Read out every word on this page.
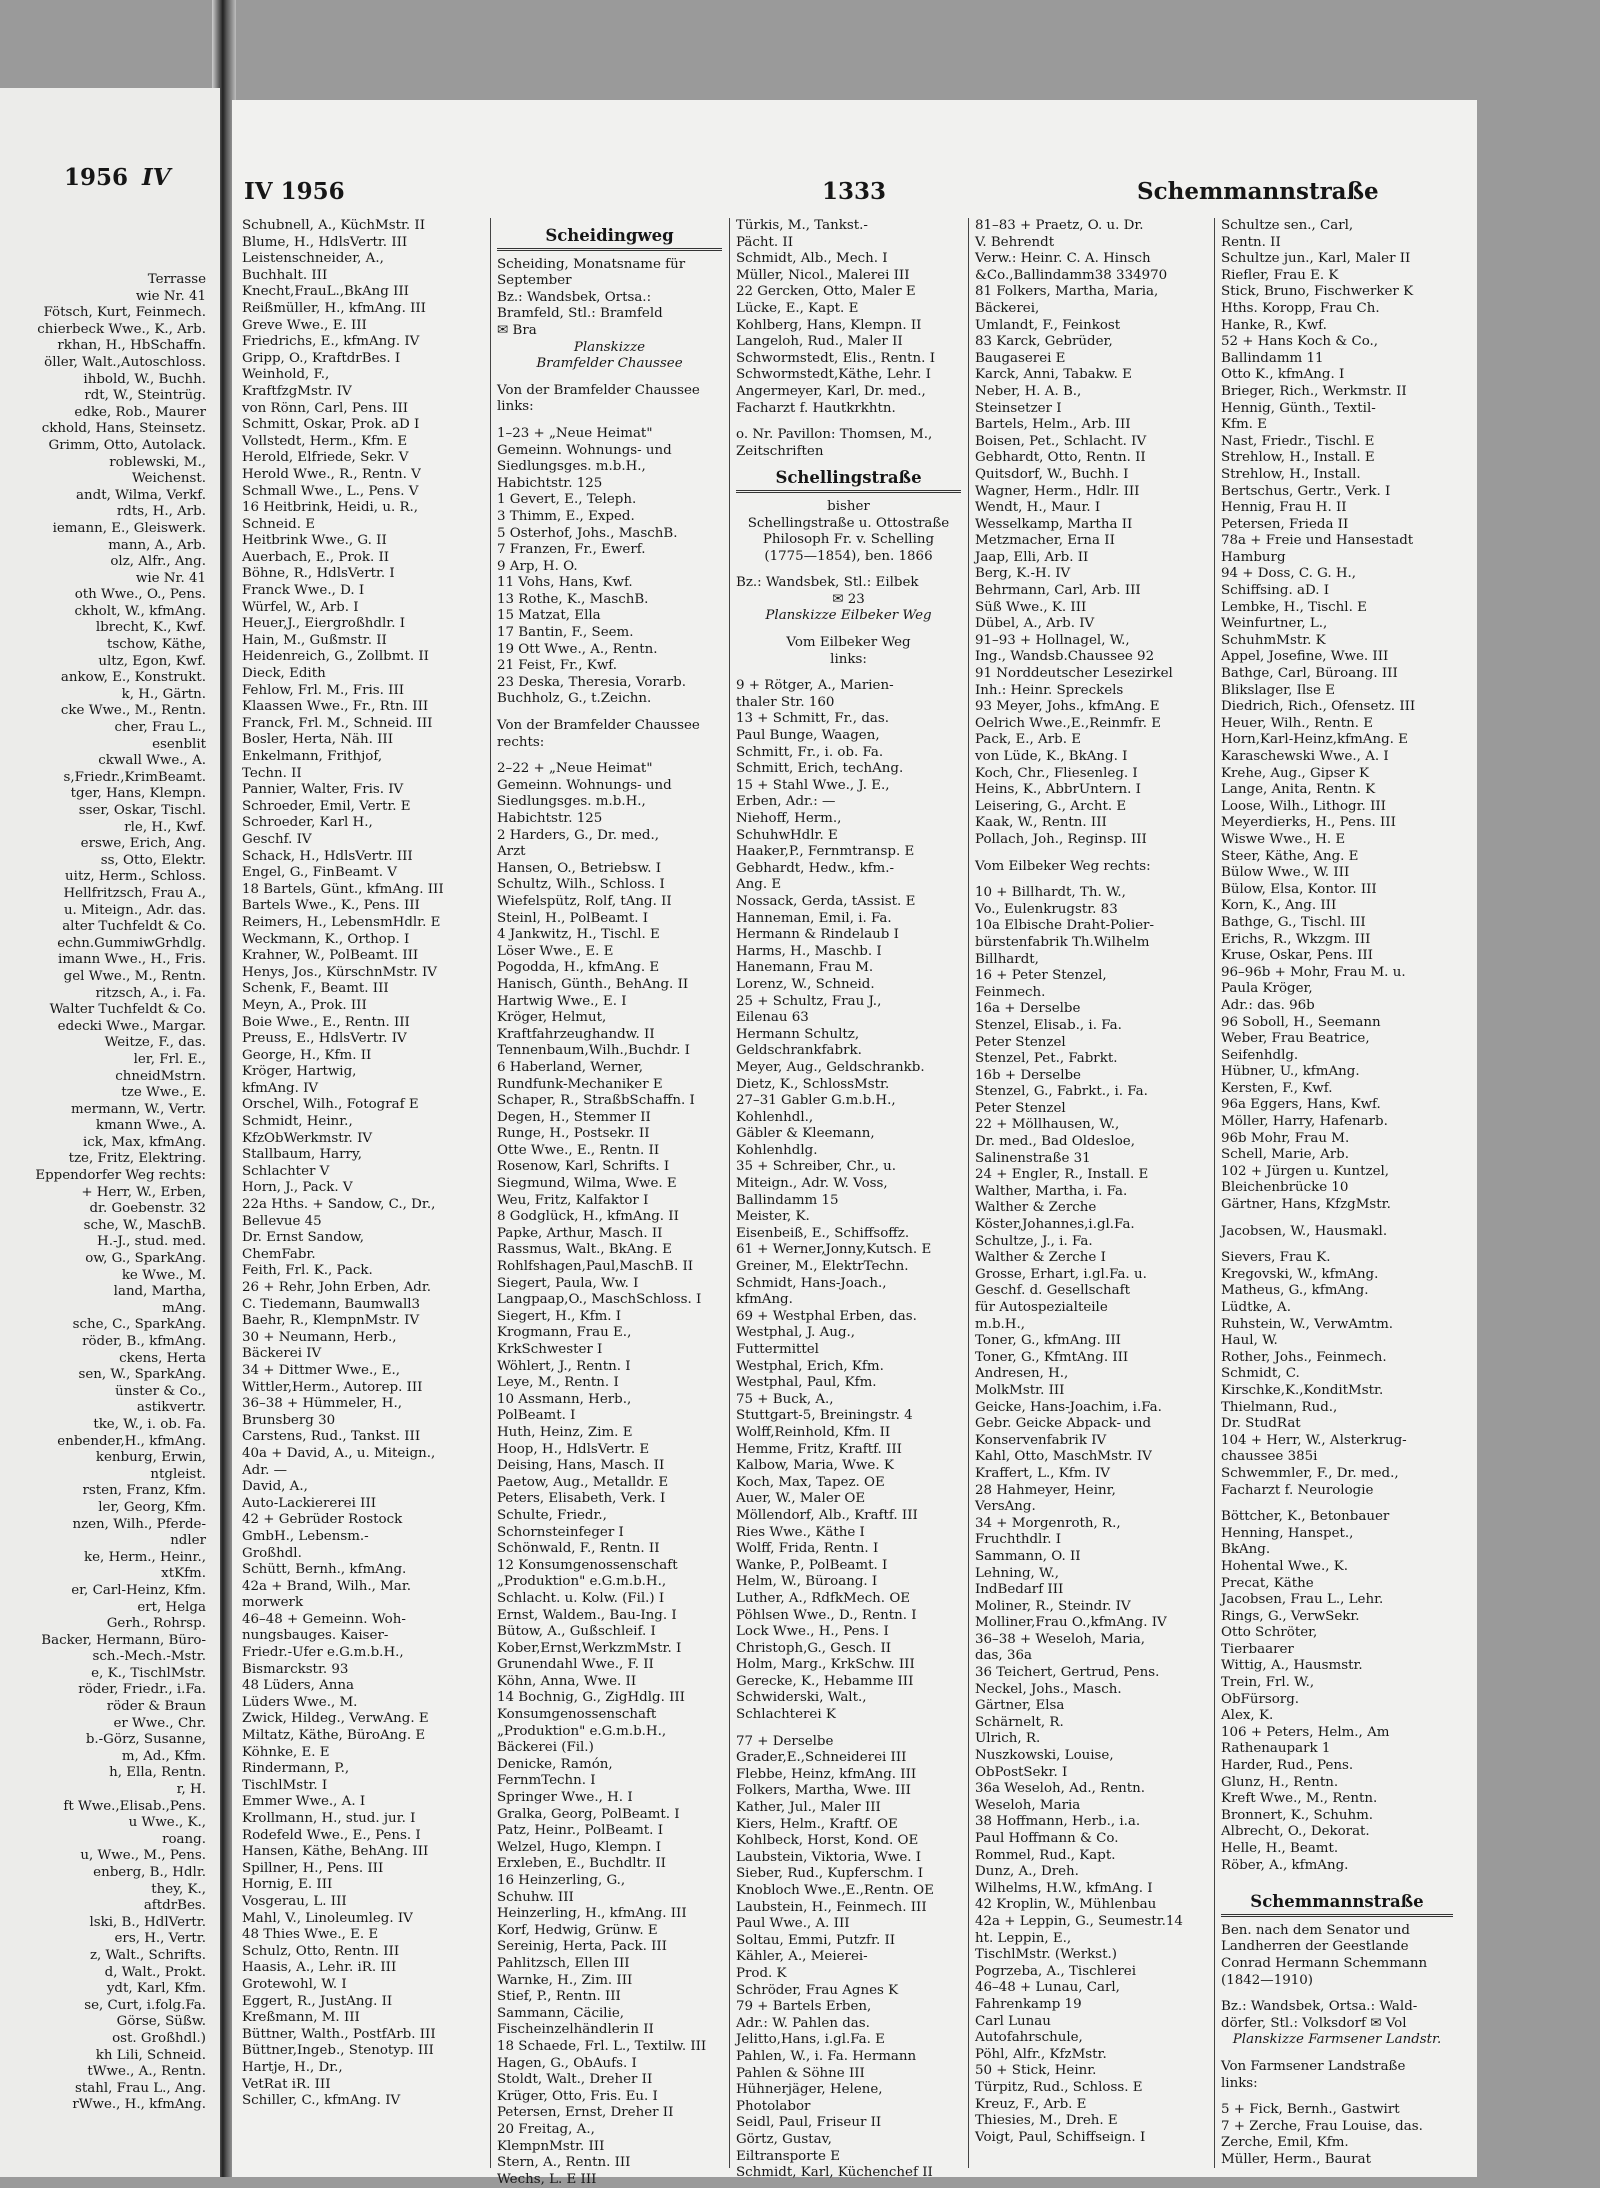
1956 IV
Terrasse
wie Nr. 41
Fötsch, Kurt, Feinmech.
chierbeck Wwe., K., Arb.
rkhan, H., HbSchaffn.
öller, Walt.,Autoschloss.
ihbold, W., Buchh.
rdt, W., Steintrüg.
edke, Rob., Maurer
ckhold, Hans, Steinsetz.
Grimm, Otto, Autolack.
roblewski, M.,
Weichenst.
andt, Wilma, Verkf.
rdts, H., Arb.
iemann, E., Gleiswerk.
mann, A., Arb.
olz, Alfr., Ang.
wie Nr. 41
oth Wwe., O., Pens.
ckholt, W., kfmAng.
lbrecht, K., Kwf.
tschow, Käthe,
ultz, Egon, Kwf.
ankow, E., Konstrukt.
k, H., Gärtn.
cke Wwe., M., Rentn.
cher, Frau L.,
esenblit
ckwall Wwe., A.
s,Friedr.,KrimBeamt.
tger, Hans, Klempn.
sser, Oskar, Tischl.
rle, H., Kwf.
erswe, Erich, Ang.
ss, Otto, Elektr.
uitz, Herm., Schloss.
Hellfritzsch, Frau A.,
u. Miteign., Adr. das.
alter Tuchfeldt & Co.
echn.GummiwGrhdlg.
imann Wwe., H., Fris.
gel Wwe., M., Rentn.
ritzsch, A., i. Fa.
Walter Tuchfeldt & Co.
edecki Wwe., Margar.
Weitze, F., das.
ler, Frl. E.,
chneidMstrn.
tze Wwe., E.
mermann, W., Vertr.
kmann Wwe., A.
ick, Max, kfmAng.
tze, Fritz, Elektring.
Eppendorfer Weg rechts:
+ Herr, W., Erben,
dr. Goebenstr. 32
sche, W., MaschB.
H.-J., stud. med.
ow, G., SparkAng.
ke Wwe., M.
land, Martha,
mAng.
sche, C., SparkAng.
röder, B., kfmAng.
ckens, Herta
sen, W., SparkAng.
ünster & Co.,
astikvertr.
tke, W., i. ob. Fa.
enbender,H., kfmAng.
kenburg, Erwin,
ntgleist.
rsten, Franz, Kfm.
ler, Georg, Kfm.
nzen, Wilh., Pferde-
ndler
ke, Herm., Heinr.,
xtKfm.
er, Carl-Heinz, Kfm.
ert, Helga
Gerh., Rohrsp.
Backer, Hermann, Büro-
sch.-Mech.-Mstr.
e, K., TischlMstr.
röder, Friedr., i.Fa.
röder & Braun
er Wwe., Chr.
b.-Görz, Susanne,
m, Ad., Kfm.
h, Ella, Rentn.
r, H.
ft Wwe.,Elisab.,Pens.
u Wwe., K.,
roang.
u, Wwe., M., Pens.
enberg, B., Hdlr.
they, K.,
aftdrBes.
lski, B., HdlVertr.
ers, H., Vertr.
z, Walt., Schrifts.
d, Walt., Prokt.
ydt, Karl, Kfm.
se, Curt, i.folg.Fa.
Görse, Süßw.
ost. Großhdl.)
kh Lili, Schneid.
tWwe., A., Rentn.
stahl, Frau L., Ang.
rWwe., H., kfmAng.
IV 1956	1333	Schemmannstraße
Schubnell, A., KüchMstr. II
Blume, H., HdlsVertr. III
Leistenschneider, A.,
Buchhalt. III
Knecht,FrauL.,BkAng III
Reißmüller, H., kfmAng. III
Greve Wwe., E. III
Friedrichs, E., kfmAng. IV
Gripp, O., KraftdrBes. I
Weinhold, F.,
KraftfzgMstr. IV
von Rönn, Carl, Pens. III
Schmitt, Oskar, Prok. aD I
Vollstedt, Herm., Kfm. E
Herold, Elfriede, Sekr. V
Herold Wwe., R., Rentn. V
Schmall Wwe., L., Pens. V
16 Heitbrink, Heidi, u. R.,
Schneid. E
Heitbrink Wwe., G. II
Auerbach, E., Prok. II
Böhne, R., HdlsVertr. I
Franck Wwe., D. I
Würfel, W., Arb. I
Heuer,J., Eiergroßhdlr. I
Hain, M., Gußmstr. II
Heidenreich, G., Zollbmt. II
Dieck, Edith
Fehlow, Frl. M., Fris. III
Klaassen Wwe., Fr., Rtn. III
Franck, Frl. M., Schneid. III
Bosler, Herta, Näh. III
Enkelmann, Frithjof,
Techn. II
Pannier, Walter, Fris. IV
Schroeder, Emil, Vertr. E
Schroeder, Karl H.,
Geschf. IV
Schack, H., HdlsVertr. III
Engel, G., FinBeamt. V
18 Bartels, Günt., kfmAng. III
Bartels Wwe., K., Pens. III
Reimers, H., LebensmHdlr. E
Weckmann, K., Orthop. I
Krahner, W., PolBeamt. III
Henys, Jos., KürschnMstr. IV
Schenk, F., Beamt. III
Meyn, A., Prok. III
Boie Wwe., E., Rentn. III
Preuss, E., HdlsVertr. IV
George, H., Kfm. II
Kröger, Hartwig,
kfmAng. IV
Orschel, Wilh., Fotograf E
Schmidt, Heinr.,
KfzObWerkmstr. IV
Stallbaum, Harry,
Schlachter V
Horn, J., Pack. V
22a Hths. + Sandow, C., Dr.,
Bellevue 45
Dr. Ernst Sandow,
ChemFabr.
Feith, Frl. K., Pack.
26 + Rehr, John Erben, Adr.
C. Tiedemann, Baumwall3
Baehr, R., KlempnMstr. IV
30 + Neumann, Herb.,
Bäckerei IV
34 + Dittmer Wwe., E.,
Wittler,Herm., Autorep. III
36–38 + Hümmeler, H.,
Brunsberg 30
Carstens, Rud., Tankst. III
40a + David, A., u. Miteign.,
Adr. —
David, A.,
Auto-Lackiererei III
42 + Gebrüder Rostock
GmbH., Lebensm.-
Großhdl.
Schütt, Bernh., kfmAng.
42a + Brand, Wilh., Mar.
morwerk
46–48 + Gemeinn. Woh-
nungsbauges. Kaiser-
Friedr.-Ufer e.G.m.b.H.,
Bismarckstr. 93
48 Lüders, Anna
Lüders Wwe., M.
Zwick, Hildeg., VerwAng. E
Miltatz, Käthe, BüroAng. E
Köhnke, E. E
Rindermann, P.,
TischlMstr. I
Emmer Wwe., A. I
Krollmann, H., stud. jur. I
Rodefeld Wwe., E., Pens. I
Hansen, Käthe, BehAng. III
Spillner, H., Pens. III
Hornig, E. III
Vosgerau, L. III
Mahl, V., Linoleumleg. IV
48 Thies Wwe., E. E
Schulz, Otto, Rentn. III
Haasis, A., Lehr. iR. III
Grotewohl, W. I
Eggert, R., JustAng. II
Kreßmann, M. III
Büttner, Walth., PostfArb. III
Büttner,Ingeb., Stenotyp. III
Hartje, H., Dr.,
VetRat iR. III
Schiller, C., kfmAng. IV
Scheidingweg
Scheiding, Monatsname für
September
Bz.: Wandsbek, Ortsa.:
Bramfeld, Stl.: Bramfeld
✉ Bra
Planskizze
Bramfelder Chaussee
Von der Bramfelder Chaussee
links:
1–23 + „Neue Heimat"
Gemeinn. Wohnungs- und
Siedlungsges. m.b.H.,
Habichtstr. 125
1 Gevert, E., Teleph.
3 Thimm, E., Exped.
5 Osterhof, Johs., MaschB.
7 Franzen, Fr., Ewerf.
9 Arp, H. O.
11 Vohs, Hans, Kwf.
13 Rothe, K., MaschB.
15 Matzat, Ella
17 Bantin, F., Seem.
19 Ott Wwe., A., Rentn.
21 Feist, Fr., Kwf.
23 Deska, Theresia, Vorarb.
Buchholz, G., t.Zeichn.
Von der Bramfelder Chaussee
rechts:
2–22 + „Neue Heimat"
Gemeinn. Wohnungs- und
Siedlungsges. m.b.H.,
Habichtstr. 125
2 Harders, G., Dr. med.,
Arzt
Hansen, O., Betriebsw. I
Schultz, Wilh., Schloss. I
Wiefelspütz, Rolf, tAng. II
Steinl, H., PolBeamt. I
4 Jankwitz, H., Tischl. E
Löser Wwe., E. E
Pogodda, H., kfmAng. E
Hanisch, Günth., BehAng. II
Hartwig Wwe., E. I
Kröger, Helmut,
Kraftfahrzeughandw. II
Tennenbaum,Wilh.,Buchdr. I
6 Haberland, Werner,
Rundfunk-Mechaniker E
Schaper, R., StraßbSchaffn. I
Degen, H., Stemmer II
Runge, H., Postsekr. II
Otte Wwe., E., Rentn. II
Rosenow, Karl, Schrifts. I
Siegmund, Wilma, Wwe. E
Weu, Fritz, Kalfaktor I
8 Godglück, H., kfmAng. II
Papke, Arthur, Masch. II
Rassmus, Walt., BkAng. E
Rohlfshagen,Paul,MaschB. II
Siegert, Paula, Ww. I
Langpaap,O., MaschSchloss. I
Siegert, H., Kfm. I
Krogmann, Frau E.,
KrkSchwester I
Wöhlert, J., Rentn. I
Leye, M., Rentn. I
10 Assmann, Herb.,
PolBeamt. I
Huth, Heinz, Zim. E
Hoop, H., HdlsVertr. E
Deising, Hans, Masch. II
Paetow, Aug., Metalldr. E
Peters, Elisabeth, Verk. I
Schulte, Friedr.,
Schornsteinfeger I
Schönwald, F., Rentn. II
12 Konsumgenossenschaft
„Produktion" e.G.m.b.H.,
Schlacht. u. Kolw. (Fil.) I
Ernst, Waldem., Bau-Ing. I
Bütow, A., Gußschleif. I
Kober,Ernst,WerkzmMstr. I
Grunendahl Wwe., F. II
Köhn, Anna, Wwe. II
14 Bochnig, G., ZigHdlg. III
Konsumgenossenschaft
„Produktion" e.G.m.b.H.,
Bäckerei (Fil.)
Denicke, Ramón,
FernmTechn. I
Springer Wwe., H. I
Gralka, Georg, PolBeamt. I
Patz, Heinr., PolBeamt. I
Welzel, Hugo, Klempn. I
Erxleben, E., Buchdltr. II
16 Heinzerling, G.,
Schuhw. III
Heinzerling, H., kfmAng. III
Korf, Hedwig, Grünw. E
Sereinig, Herta, Pack. III
Pahlitzsch, Ellen III
Warnke, H., Zim. III
Stief, P., Rentn. III
Sammann, Cäcilie,
Fischeinzelhändlerin II
18 Schaede, Frl. L., Textilw. III
Hagen, G., ObAufs. I
Stoldt, Walt., Dreher II
Krüger, Otto, Fris. Eu. I
Petersen, Ernst, Dreher II
20 Freitag, A.,
KlempnMstr. III
Stern, A., Rentn. III
Wechs, L. E III
Türkis, M., Tankst.-
Pächt. II
Schmidt, Alb., Mech. I
Müller, Nicol., Malerei III
22 Gercken, Otto, Maler E
Lücke, E., Kapt. E
Kohlberg, Hans, Klempn. II
Langeloh, Rud., Maler II
Schwormstedt, Elis., Rentn. I
Schwormstedt,Käthe, Lehr. I
Angermeyer, Karl, Dr. med.,
Facharzt f. Hautkrkhtn.
o. Nr. Pavillon: Thomsen, M.,
Zeitschriften
Schellingstraße
bisher
Schellingstraße u. Ottostraße
Philosoph Fr. v. Schelling
(1775—1854), ben. 1866
Bz.: Wandsbek, Stl.: Eilbek
✉ 23
Planskizze Eilbeker Weg
Vom Eilbeker Weg
links:
9 + Rötger, A., Marien-
thaler Str. 160
13 + Schmitt, Fr., das.
Paul Bunge, Waagen,
Schmitt, Fr., i. ob. Fa.
Schmitt, Erich, techAng.
15 + Stahl Wwe., J. E.,
Erben, Adr.: —
Niehoff, Herm.,
SchuhwHdlr. E
Haaker,P., Fernmtransp. E
Gebhardt, Hedw., kfm.-
Ang. E
Nossack, Gerda, tAssist. E
Hanneman, Emil, i. Fa.
Hermann & Rindelaub I
Harms, H., Maschb. I
Hanemann, Frau M.
Lorenz, W., Schneid.
25 + Schultz, Frau J.,
Eilenau 63
Hermann Schultz,
Geldschrankfabrk.
Meyer, Aug., Geldschrankb.
Dietz, K., SchlossMstr.
27–31 Gabler G.m.b.H.,
Kohlenhdl.,
Gäbler & Kleemann,
Kohlenhdlg.
35 + Schreiber, Chr., u.
Miteign., Adr. W. Voss,
Ballindamm 15
Meister, K.
Eisenbeiß, E., Schiffsoffz.
61 + Werner,Jonny,Kutsch. E
Greiner, M., ElektrTechn.
Schmidt, Hans-Joach.,
kfmAng.
69 + Westphal Erben, das.
Westphal, J. Aug.,
Futtermittel
Westphal, Erich, Kfm.
Westphal, Paul, Kfm.
75 + Buck, A.,
Stuttgart-5, Breiningstr. 4
Wolff,Reinhold, Kfm. II
Hemme, Fritz, Kraftf. III
Kalbow, Maria, Wwe. K
Koch, Max, Tapez. OE
Auer, W., Maler OE
Möllendorf, Alb., Kraftf. III
Ries Wwe., Käthe I
Wolff, Frida, Rentn. I
Wanke, P., PolBeamt. I
Helm, W., Büroang. I
Luther, A., RdfkMech. OE
Pöhlsen Wwe., D., Rentn. I
Lock Wwe., H., Pens. I
Christoph,G., Gesch. II
Holm, Marg., KrkSchw. III
Gerecke, K., Hebamme III
Schwiderski, Walt.,
Schlachterei K
77 + Derselbe
Grader,E.,Schneiderei III
Flebbe, Heinz, kfmAng. III
Folkers, Martha, Wwe. III
Kather, Jul., Maler III
Kiers, Helm., Kraftf. OE
Kohlbeck, Horst, Kond. OE
Laubstein, Viktoria, Wwe. I
Sieber, Rud., Kupferschm. I
Knobloch Wwe.,E.,Rentn. OE
Laubstein, H., Feinmech. III
Paul Wwe., A. III
Soltau, Emmi, Putzfr. II
Kähler, A., Meierei-
Prod. K
Schröder, Frau Agnes K
79 + Bartels Erben,
Adr.: W. Pahlen das.
Jelitto,Hans, i.gl.Fa. E
Pahlen, W., i. Fa. Hermann
Pahlen & Söhne III
Hühnerjäger, Helene,
Photolabor
Seidl, Paul, Friseur II
Görtz, Gustav,
Eiltransporte E
Schmidt, Karl, Küchenchef II
81–83 + Praetz, O. u. Dr.
V. Behrendt
Verw.: Heinr. C. A. Hinsch
&Co.,Ballindamm38 334970
81 Folkers, Martha, Maria,
Bäckerei,
Umlandt, F., Feinkost
83 Karck, Gebrüder,
Baugaserei E
Karck, Anni, Tabakw. E
Neber, H. A. B.,
Steinsetzer I
Bartels, Helm., Arb. III
Boisen, Pet., Schlacht. IV
Gebhardt, Otto, Rentn. II
Quitsdorf, W., Buchh. I
Wagner, Herm., Hdlr. III
Wendt, H., Maur. I
Wesselkamp, Martha II
Metzmacher, Erna II
Jaap, Elli, Arb. II
Berg, K.-H. IV
Behrmann, Carl, Arb. III
Süß Wwe., K. III
Dübel, A., Arb. IV
91–93 + Hollnagel, W.,
Ing., Wandsb.Chaussee 92
91 Norddeutscher Lesezirkel
Inh.: Heinr. Spreckels
93 Meyer, Johs., kfmAng. E
Oelrich Wwe.,E.,Reinmfr. E
Pack, E., Arb. E
von Lüde, K., BkAng. I
Koch, Chr., Fliesenleg. I
Heins, K., AbbrUntern. I
Leisering, G., Archt. E
Kaak, W., Rentn. III
Pollach, Joh., Reginsp. III
Vom Eilbeker Weg rechts:
10 + Billhardt, Th. W.,
Vo., Eulenkrugstr. 83
10a Elbische Draht-Polier-
bürstenfabrik Th.Wilhelm
Billhardt,
16 + Peter Stenzel,
Feinmech.
16a + Derselbe
Stenzel, Elisab., i. Fa.
Peter Stenzel
Stenzel, Pet., Fabrkt.
16b + Derselbe
Stenzel, G., Fabrkt., i. Fa.
Peter Stenzel
22 + Möllhausen, W.,
Dr. med., Bad Oldesloe,
Salinenstraße 31
24 + Engler, R., Install. E
Walther, Martha, i. Fa.
Walther & Zerche
Köster,Johannes,i.gl.Fa.
Schultze, J., i. Fa.
Walther & Zerche I
Grosse, Erhart, i.gl.Fa. u.
Geschf. d. Gesellschaft
für Autospezialteile
m.b.H.,
Toner, G., kfmAng. III
Toner, G., KfmtAng. III
Andresen, H.,
MolkMstr. III
Geicke, Hans-Joachim, i.Fa.
Gebr. Geicke Abpack- und
Konservenfabrik IV
Kahl, Otto, MaschMstr. IV
Kraffert, L., Kfm. IV
28 Hahmeyer, Heinr,
VersAng.
34 + Morgenroth, R.,
Fruchthdlr. I
Sammann, O. II
Lehning, W.,
IndBedarf III
Moliner, R., Steindr. IV
Molliner,Frau O.,kfmAng. IV
36–38 + Weseloh, Maria,
das, 36a
36 Teichert, Gertrud, Pens.
Neckel, Johs., Masch.
Gärtner, Elsa
Schärnelt, R.
Ulrich, R.
Nuszkowski, Louise,
ObPostSekr. I
36a Weseloh, Ad., Rentn.
Weseloh, Maria
38 Hoffmann, Herb., i.a.
Paul Hoffmann & Co.
Rommel, Rud., Kapt.
Dunz, A., Dreh.
Wilhelms, H.W., kfmAng. I
42 Kroplin, W., Mühlenbau
42a + Leppin, G., Seumestr.14
ht. Leppin, E.,
TischlMstr. (Werkst.)
Pogrzeba, A., Tischlerei
46–48 + Lunau, Carl,
Fahrenkamp 19
Carl Lunau
Autofahrschule,
Pöhl, Alfr., KfzMstr.
50 + Stick, Heinr.
Türpitz, Rud., Schloss. E
Kreuz, F., Arb. E
Thiesies, M., Dreh. E
Voigt, Paul, Schiffseign. I
Schultze sen., Carl,
Rentn. II
Schultze jun., Karl, Maler II
Riefler, Frau E. K
Stick, Bruno, Fischwerker K
Hths. Koropp, Frau Ch.
Hanke, R., Kwf.
52 + Hans Koch & Co.,
Ballindamm 11
Otto K., kfmAng. I
Brieger, Rich., Werkmstr. II
Hennig, Günth., Textil-
Kfm. E
Nast, Friedr., Tischl. E
Strehlow, H., Install. E
Strehlow, H., Install.
Bertschus, Gertr., Verk. I
Hennig, Frau H. II
Petersen, Frieda II
78a + Freie und Hansestadt
Hamburg
94 + Doss, C. G. H.,
Schiffsing. aD. I
Lembke, H., Tischl. E
Weinfurtner, L.,
SchuhmMstr. K
Appel, Josefine, Wwe. III
Bathge, Carl, Büroang. III
Blikslager, Ilse E
Diedrich, Rich., Ofensetz. III
Heuer, Wilh., Rentn. E
Horn,Karl-Heinz,kfmAng. E
Karaschewski Wwe., A. I
Krehe, Aug., Gipser K
Lange, Anita, Rentn. K
Loose, Wilh., Lithogr. III
Meyerdierks, H., Pens. III
Wiswe Wwe., H. E
Steer, Käthe, Ang. E
Bülow Wwe., W. III
Bülow, Elsa, Kontor. III
Korn, K., Ang. III
Bathge, G., Tischl. III
Erichs, R., Wkzgm. III
Kruse, Oskar, Pens. III
96–96b + Mohr, Frau M. u.
Paula Kröger,
Adr.: das. 96b
96 Soboll, H., Seemann
Weber, Frau Beatrice,
Seifenhdlg.
Hübner, U., kfmAng.
Kersten, F., Kwf.
96a Eggers, Hans, Kwf.
Möller, Harry, Hafenarb.
96b Mohr, Frau M.
Schell, Marie, Arb.
102 + Jürgen u. Kuntzel,
Bleichenbrücke 10
Gärtner, Hans, KfzgMstr.
Jacobsen, W., Hausmakl.
Sievers, Frau K.
Kregovski, W., kfmAng.
Matheus, G., kfmAng.
Lüdtke, A.
Ruhstein, W., VerwAmtm.
Haul, W.
Rother, Johs., Feinmech.
Schmidt, C.
Kirschke,K.,KonditMstr.
Thielmann, Rud.,
Dr. StudRat
104 + Herr, W., Alsterkrug-
chaussee 385i
Schwemmler, F., Dr. med.,
Facharzt f. Neurologie
Böttcher, K., Betonbauer
Henning, Hanspet.,
BkAng.
Hohental Wwe., K.
Precat, Käthe
Jacobsen, Frau L., Lehr.
Rings, G., VerwSekr.
Otto Schröter,
Tierbaarer
Wittig, A., Hausmstr.
Trein, Frl. W.,
ObFürsorg.
Alex, K.
106 + Peters, Helm., Am
Rathenaupark 1
Harder, Rud., Pens.
Glunz, H., Rentn.
Kreft Wwe., M., Rentn.
Bronnert, K., Schuhm.
Albrecht, O., Dekorat.
Helle, H., Beamt.
Röber, A., kfmAng.
Schemmannstraße
Ben. nach dem Senator und
Landherren der Geestlande
Conrad Hermann Schemmann
(1842—1910)
Bz.: Wandsbek, Ortsa.: Wald-
dörfer, Stl.: Volksdorf ✉ Vol
Planskizze Farmsener Landstr.
Von Farmsener Landstraße
links:
5 + Fick, Bernh., Gastwirt
7 + Zerche, Frau Louise, das.
Zerche, Emil, Kfm.
Müller, Herm., Baurat
